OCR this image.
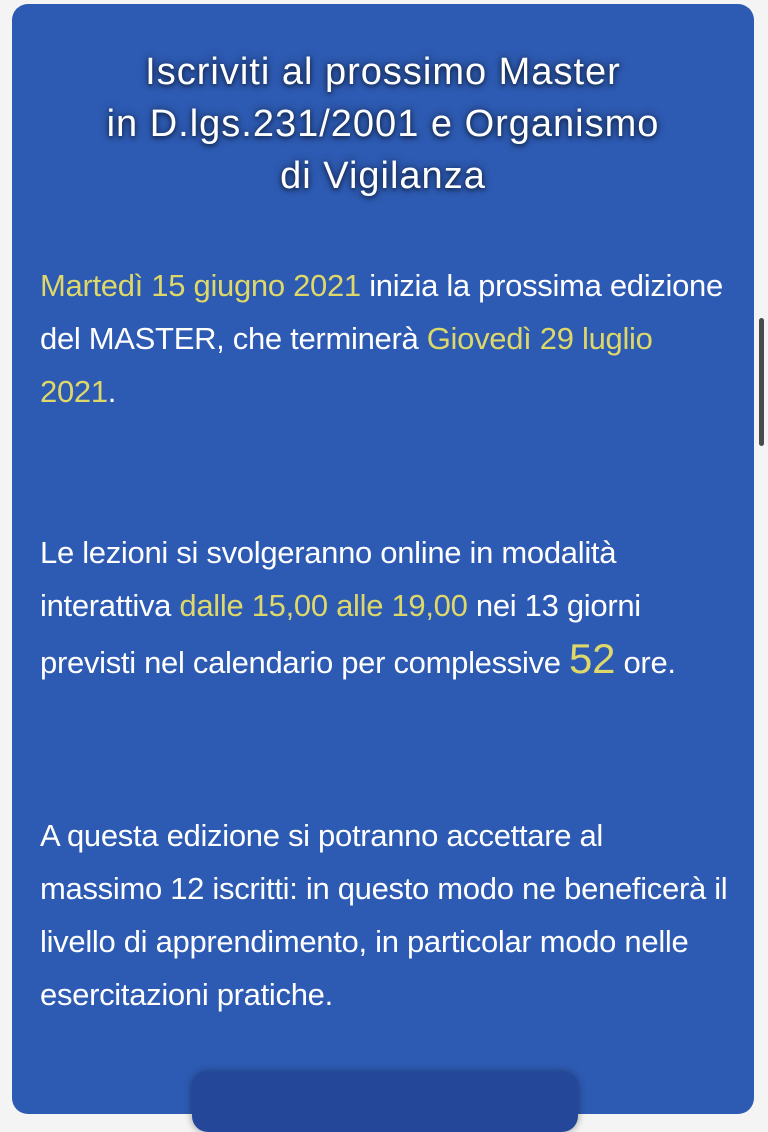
Iscriviti al prossimo Master
in D.lgs.231/2001 e Organismo
di Vigilanza
Martedì 15 giugno 2021 inizia la prossima edizione del MASTER, che terminerà Giovedì 29 luglio 2021.
Le lezioni si svolgeranno online in modalità interattiva dalle 15,00 alle 19,00 nei 13 giorni previsti nel calendario per complessive 52 ore.
A questa edizione si potranno accettare al massimo 12 iscritti: in questo modo ne beneficerà il livello di apprendimento, in particolar modo nelle esercitazioni pratiche.
